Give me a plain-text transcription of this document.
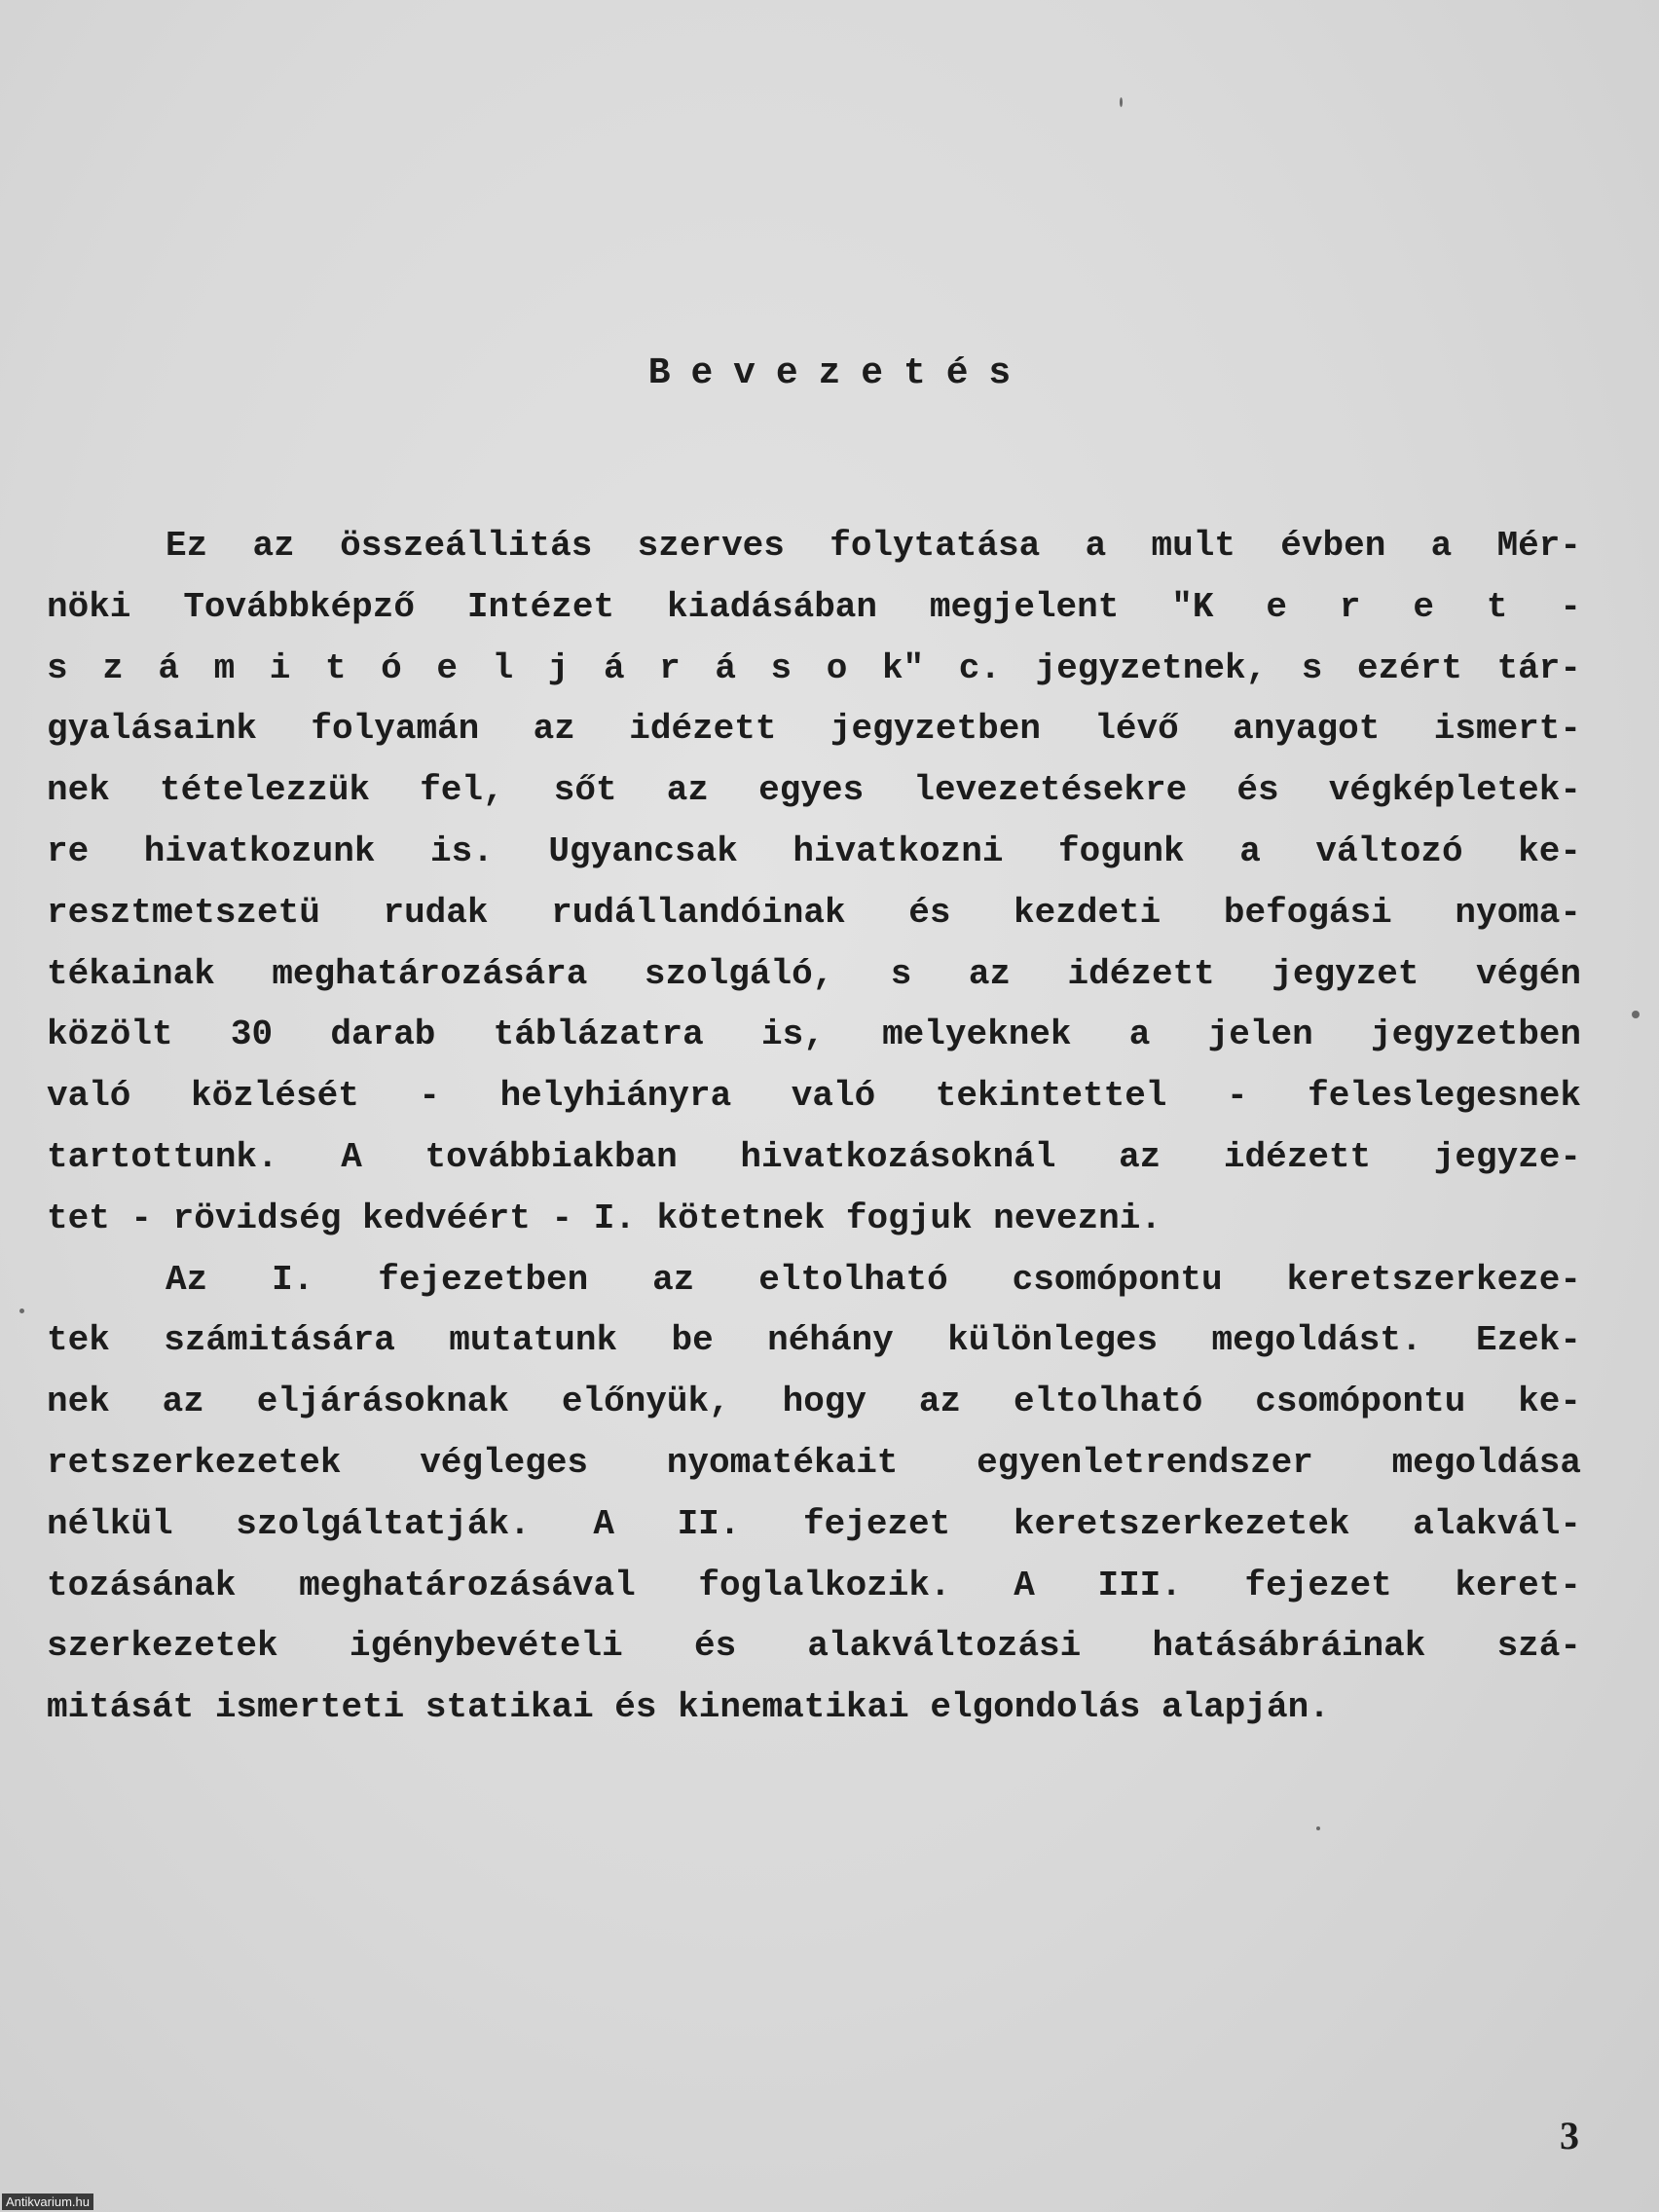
Bevezetés
Ez az összeállitás szerves folytatása a mult évben a Mér-
nöki Továbbképző Intézet kiadásában megjelent "K e r e t -
s z á m i t ó e l j á r á s o k" c. jegyzetnek, s ezért tár-
gyalásaink folyamán az idézett jegyzetben lévő anyagot ismert-
nek tételezzük fel, sőt az egyes levezetésekre és végképletek-
re hivatkozunk is. Ugyancsak hivatkozni fogunk a változó ke-
resztmetszetü rudak rudállandóinak és kezdeti befogási nyoma-
tékainak meghatározására szolgáló, s az idézett jegyzet végén
közölt 30 darab táblázatra is, melyeknek a jelen jegyzetben
való közlését - helyhiányra való tekintettel - feleslegesnek
tartottunk. A továbbiakban hivatkozásoknál az idézett jegyze-
tet - rövidség kedvéért - I. kötetnek fogjuk nevezni.
Az I. fejezetben az eltolható csomópontu keretszerkeze-
tek számitására mutatunk be néhány különleges megoldást. Ezek-
nek az eljárásoknak előnyük, hogy az eltolható csomópontu ke-
retszerkezetek végleges nyomatékait egyenletrendszer megoldása
nélkül szolgáltatják. A II. fejezet keretszerkezetek alakvál-
tozásának meghatározásával foglalkozik. A III. fejezet keret-
szerkezetek igénybevételi és alakváltozási hatásábráinak szá-
mitását ismerteti statikai és kinematikai elgondolás alapján.
3
Antikvarium.hu
